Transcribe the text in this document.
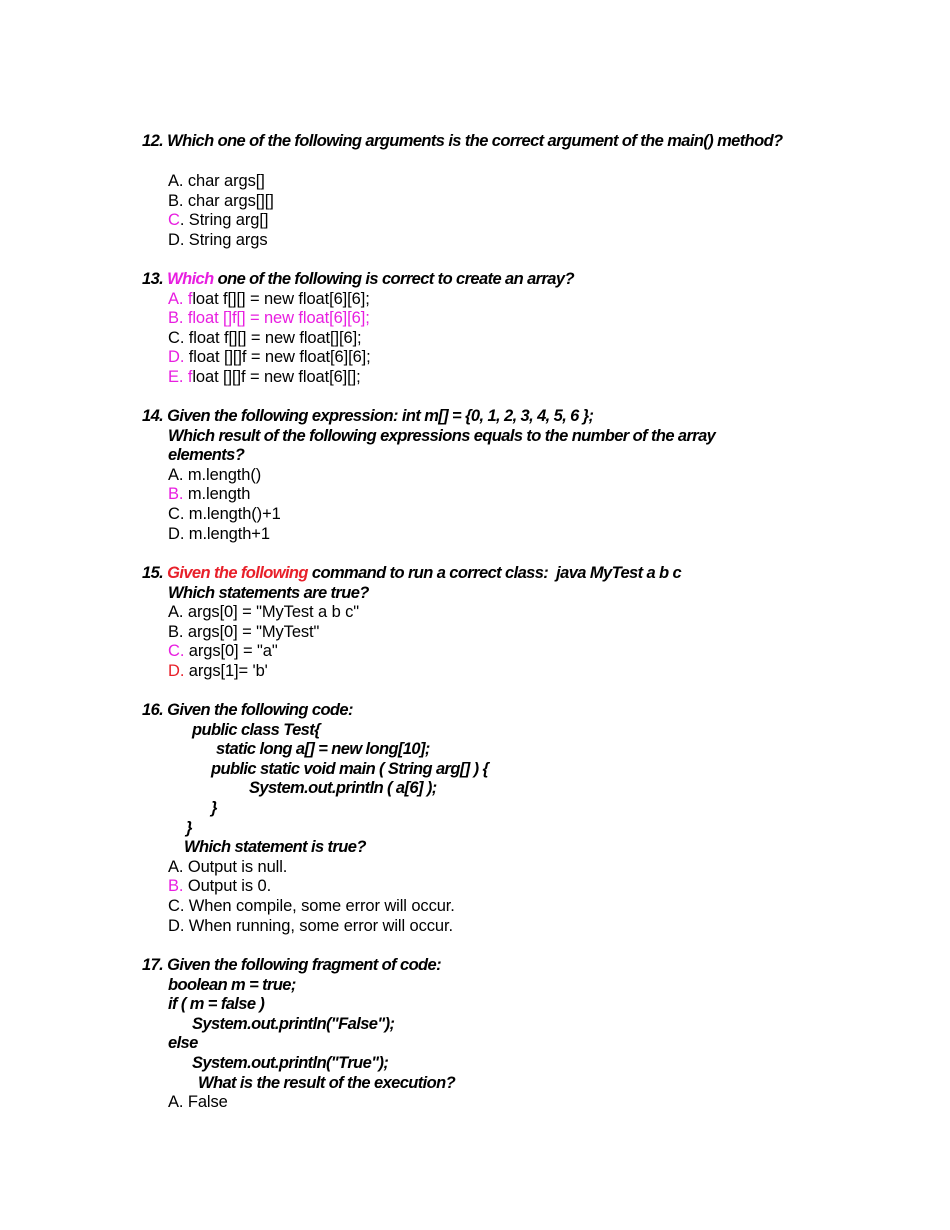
12. Which one of the following arguments is the correct argument of the main() method?
A. char args[]
B. char args[][]
C. String arg[]
D. String args
13. Which one of the following is correct to create an array?
A. float f[][] = new float[6][6];
B. float []f[] = new float[6][6];
C. float f[][] = new float[][6];
D. float [][]f = new float[6][6];
E. float [][]f = new float[6][];
14. Given the following expression: int m[] = {0, 1, 2, 3, 4, 5, 6 };
Which result of the following expressions equals to the number of the array
elements?
A. m.length()
B. m.length
C. m.length()+1
D. m.length+1
15. Given the following command to run a correct class:  java MyTest a b c
Which statements are true?
A. args[0] = "MyTest a b c"
B. args[0] = "MyTest"
C. args[0] = "a"
D. args[1]= 'b'
16. Given the following code:
public class Test{
static long a[] = new long[10];
public static void main ( String arg[] ) {
System.out.println ( a[6] );
}
}
Which statement is true?
A. Output is null.
B. Output is 0.
C. When compile, some error will occur.
D. When running, some error will occur.
17. Given the following fragment of code:
boolean m = true;
if ( m = false )
System.out.println("False");
else
System.out.println("True");
What is the result of the execution?
A. False
